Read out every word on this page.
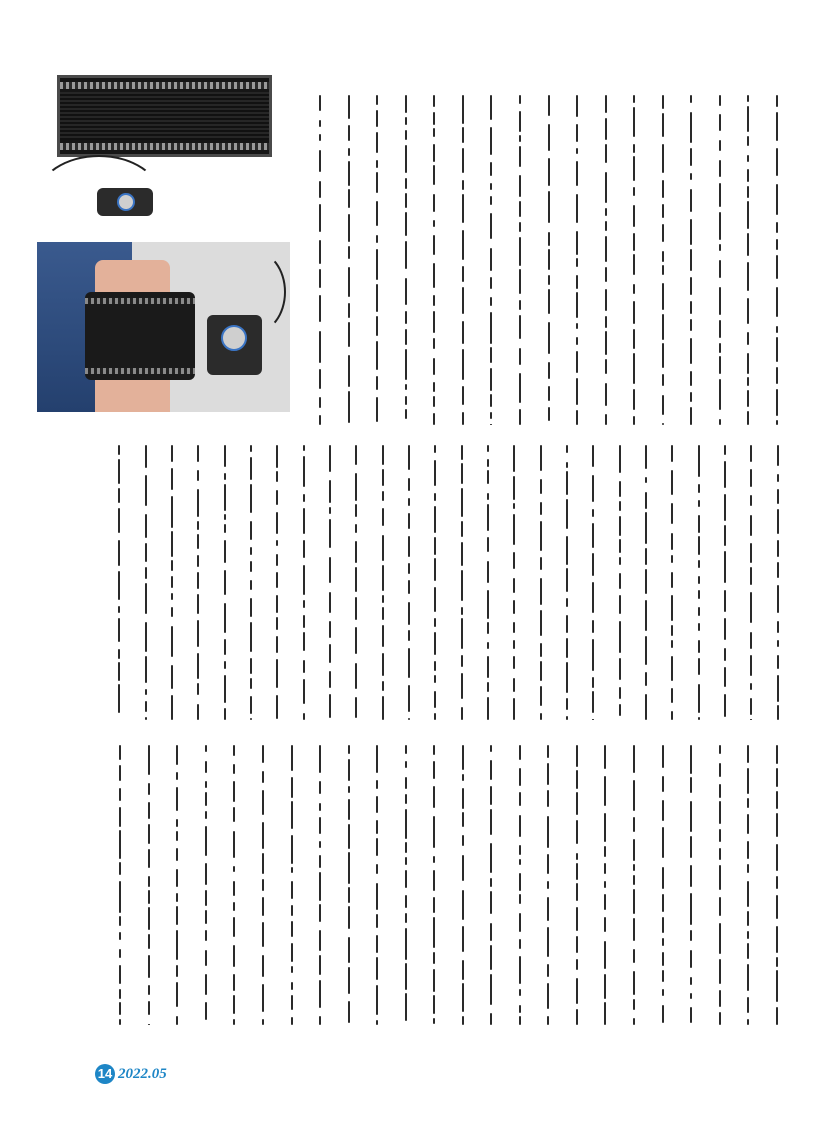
14 2022.05
